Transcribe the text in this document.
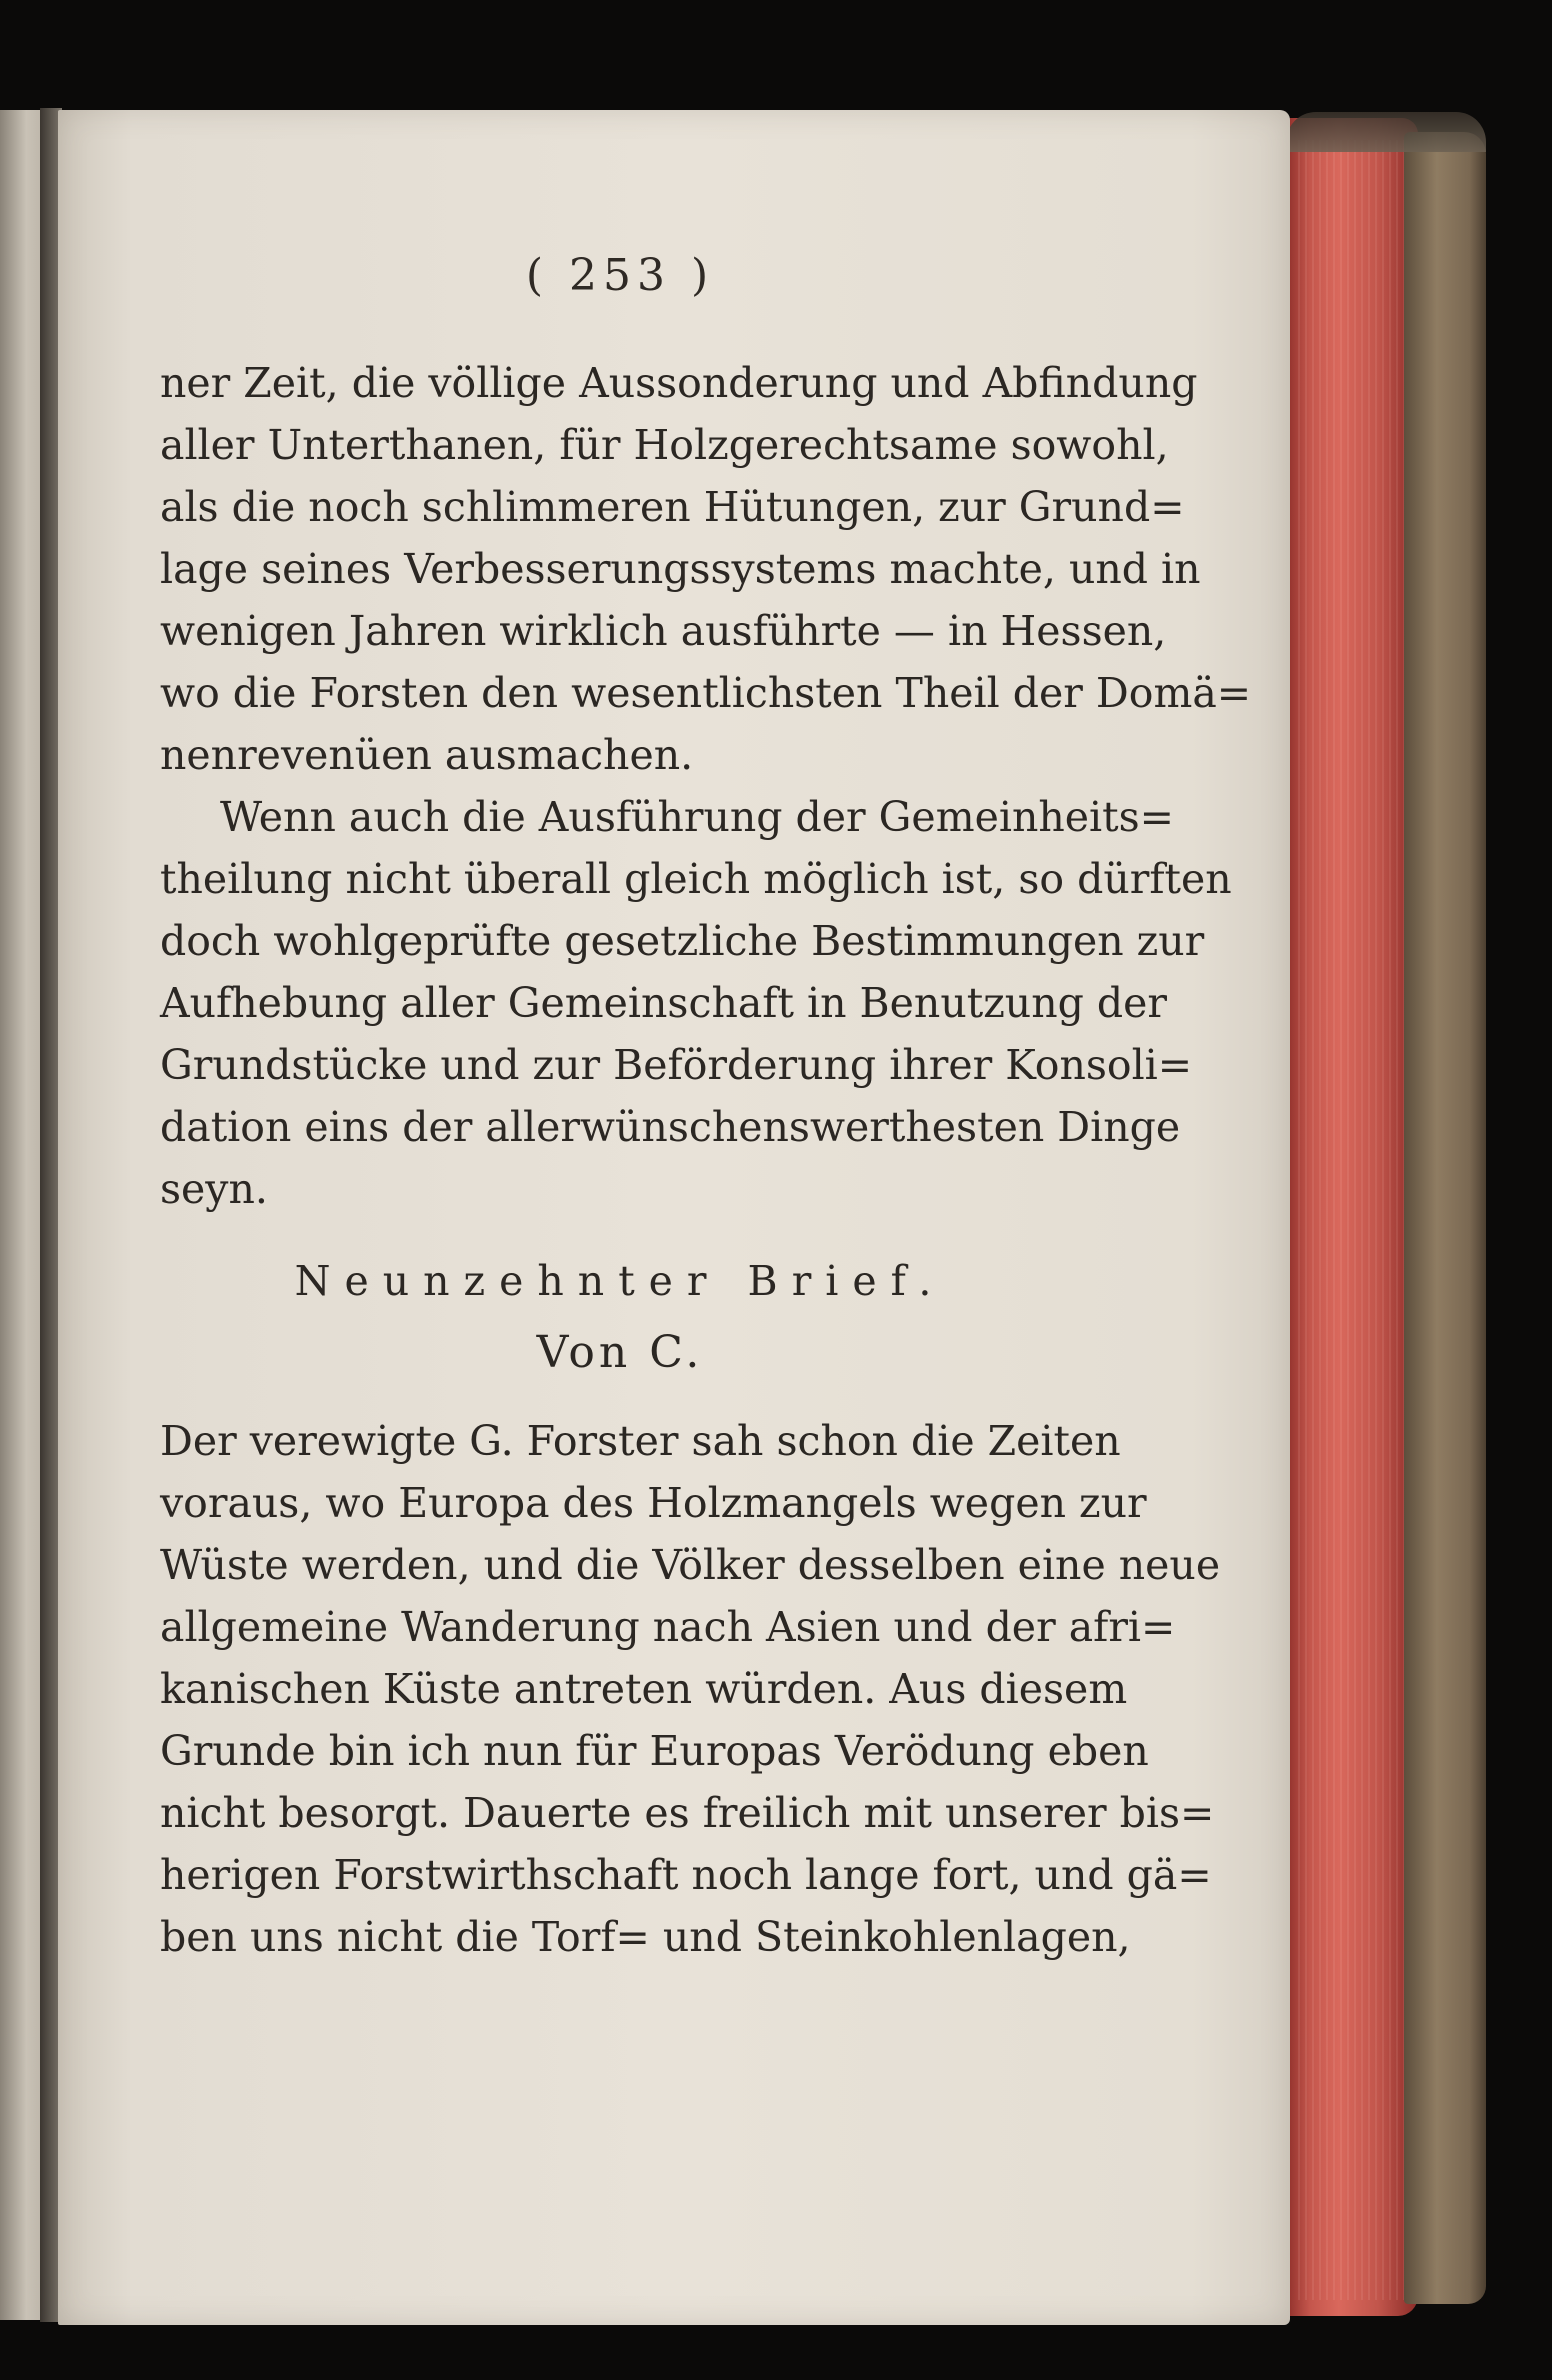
( 253 )
ner Zeit, die völlige Aussonderung und Abfindung
aller Unterthanen, für Holzgerechtsame sowohl,
als die noch schlimmeren Hütungen, zur Grund=
lage seines Verbesserungssystems machte, und in
wenigen Jahren wirklich ausführte — in Hessen,
wo die Forsten den wesentlichsten Theil der Domä=
nenrevenüen ausmachen.
Wenn auch die Ausführung der Gemeinheits=
theilung nicht überall gleich möglich ist, so dürften
doch wohlgeprüfte gesetzliche Bestimmungen zur
Aufhebung aller Gemeinschaft in Benutzung der
Grundstücke und zur Beförderung ihrer Konsoli=
dation eins der allerwünschenswerthesten Dinge
seyn.
Neunzehnter Brief.
Von C.
Der verewigte G. Forster sah schon die Zeiten
voraus, wo Europa des Holzmangels wegen zur
Wüste werden, und die Völker desselben eine neue
allgemeine Wanderung nach Asien und der afri=
kanischen Küste antreten würden. Aus diesem
Grunde bin ich nun für Europas Verödung eben
nicht besorgt. Dauerte es freilich mit unserer bis=
herigen Forstwirthschaft noch lange fort, und gä=
ben uns nicht die Torf= und Steinkohlenlagen,
